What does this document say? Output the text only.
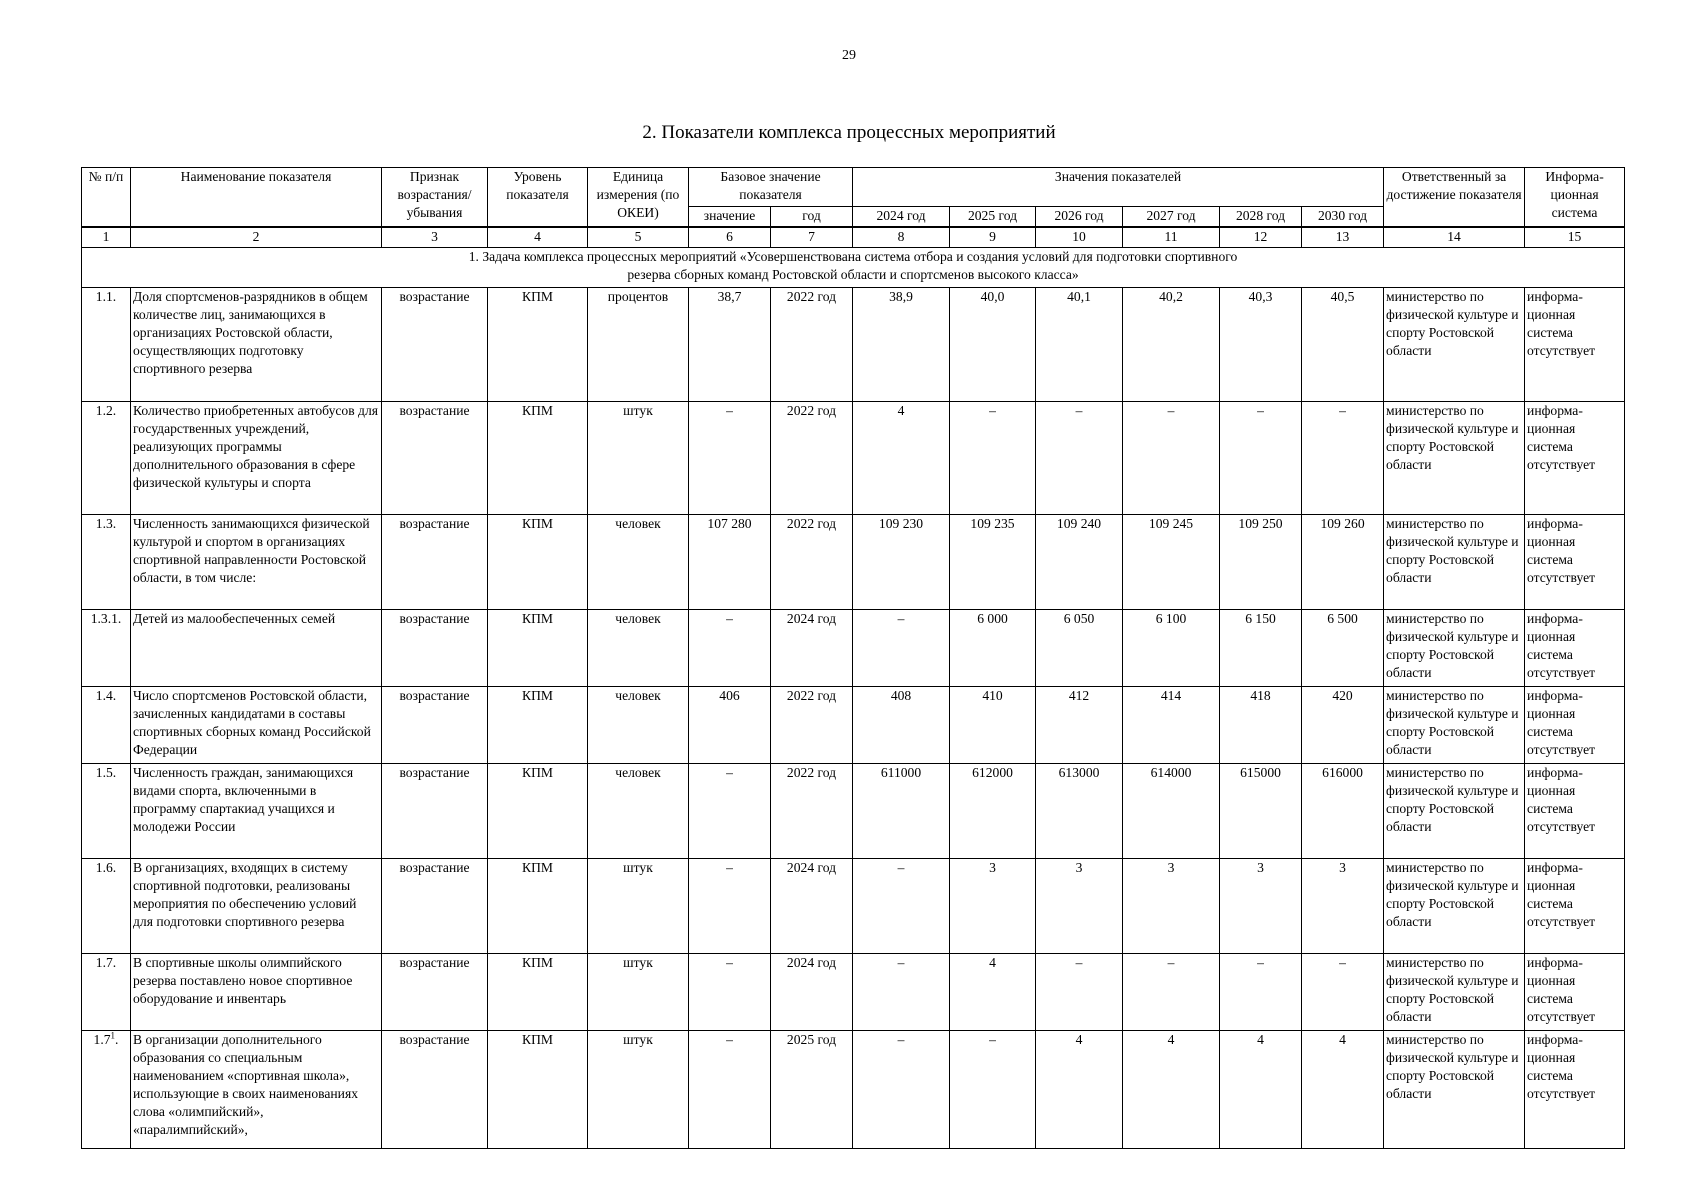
29
2. Показатели комплекса процессных мероприятий
№ п/п	Наименование показателя	Признак возрастания/ убывания	Уровень показателя	Единица измерения (по ОКЕИ)	Базовое значение показателя		Значения показателей						Ответственный за достижение показателя	Информа-ционная система
					значение	год	2024 год	2025 год	2026 год	2027 год	2028 год	2030 год		
1	2	3	4	5	6	7	8	9	10	11	12	13	14	15
1. Задача комплекса процессных мероприятий «Усовершенствована система отбора и создания условий для подготовки спортивного резерва сборных команд Ростовской области и спортсменов высокого класса»														
1.1.	Доля спортсменов-разрядников в общем количестве лиц, занимающихся в организациях Ростовской области, осуществляющих подготовку спортивного резерва	возрастание	КПМ	процентов	38,7	2022 год	38,9	40,0	40,1	40,2	40,3	40,5	министерство по физической культуре и спорту Ростовской области	информа-ционная система отсутствует
1.2.	Количество приобретенных автобусов для государственных учреждений, реализующих программы дополнительного образования в сфере физической культуры и спорта	возрастание	КПМ	штук	–	2022 год	4	–	–	–	–	–	министерство по физической культуре и спорту Ростовской области	информа-ционная система отсутствует
1.3.	Численность занимающихся физической культурой и спортом в организациях спортивной направленности Ростовской области, в том числе:	возрастание	КПМ	человек	107 280	2022 год	109 230	109 235	109 240	109 245	109 250	109 260	министерство по физической культуре и спорту Ростовской области	информа-ционная система отсутствует
1.3.1.	Детей из малообеспеченных семей	возрастание	КПМ	человек	–	2024 год	–	6 000	6 050	6 100	6 150	6 500	министерство по физической культуре и спорту Ростовской области	информа-ционная система отсутствует
1.4.	Число спортсменов Ростовской области, зачисленных кандидатами в составы спортивных сборных команд Российской Федерации	возрастание	КПМ	человек	406	2022 год	408	410	412	414	418	420	министерство по физической культуре и спорту Ростовской области	информа-ционная система отсутствует
1.5.	Численность граждан, занимающихся видами спорта, включенными в программу спартакиад учащихся и молодежи России	возрастание	КПМ	человек	–	2022 год	611000	612000	613000	614000	615000	616000	министерство по физической культуре и спорту Ростовской области	информа-ционная система отсутствует
1.6.	В организациях, входящих в систему спортивной подготовки, реализованы мероприятия по обеспечению условий для подготовки спортивного резерва	возрастание	КПМ	штук	–	2024 год	–	3	3	3	3	3	министерство по физической культуре и спорту Ростовской области	информа-ционная система отсутствует
1.7.	В спортивные школы олимпийского резерва поставлено новое спортивное оборудование и инвентарь	возрастание	КПМ	штук	–	2024 год	–	4	–	–	–	–	министерство по физической культуре и спорту Ростовской области	информа-ционная система отсутствует
$1.7^1$.	В организации дополнительного образования со специальным наименованием «спортивная школа», использующие в своих наименованиях слова «олимпийский», «паралимпийский»,	возрастание	КПМ	штук	–	2025 год	–	–	4	4	4	4	министерство по физической культуре и спорту Ростовской области	информа-ционная система отсутствует
